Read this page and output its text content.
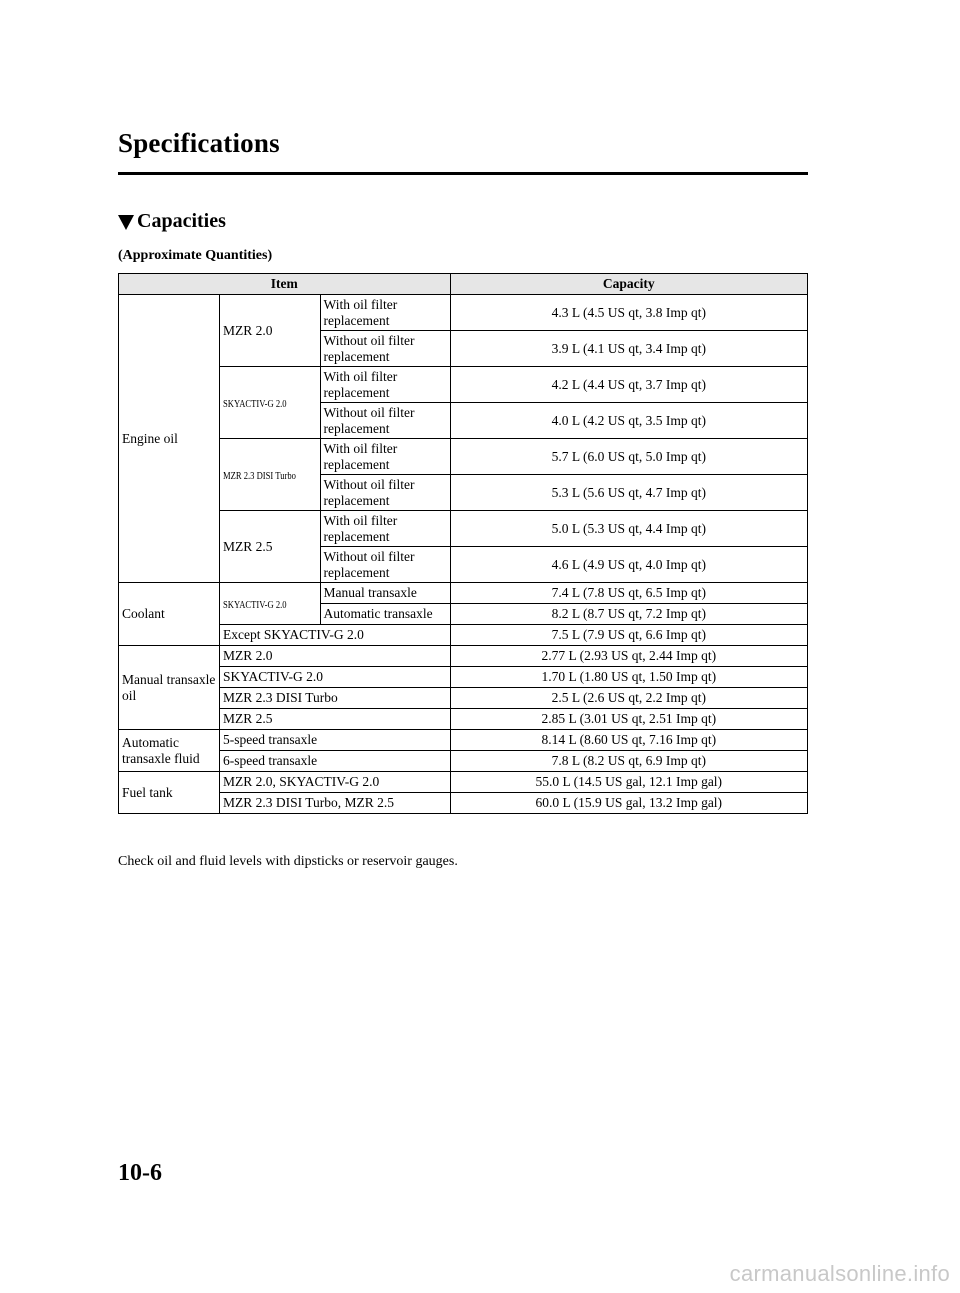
Specifications
Capacities
(Approximate Quantities)
Item			Capacity
Engine oil	MZR 2.0	With oil filter replacement	4.3 L (4.5 US qt, 3.8 Imp qt)
		Without oil filter replacement	3.9 L (4.1 US qt, 3.4 Imp qt)
	SKYACTIV-G 2.0	With oil filter replacement	4.2 L (4.4 US qt, 3.7 Imp qt)
		Without oil filter replacement	4.0 L (4.2 US qt, 3.5 Imp qt)
	MZR 2.3 DISI Turbo	With oil filter replacement	5.7 L (6.0 US qt, 5.0 Imp qt)
		Without oil filter replacement	5.3 L (5.6 US qt, 4.7 Imp qt)
	MZR 2.5	With oil filter replacement	5.0 L (5.3 US qt, 4.4 Imp qt)
		Without oil filter replacement	4.6 L (4.9 US qt, 4.0 Imp qt)
Coolant	SKYACTIV-G 2.0	Manual transaxle	7.4 L (7.8 US qt, 6.5 Imp qt)
		Automatic transaxle	8.2 L (8.7 US qt, 7.2 Imp qt)
	Except SKYACTIV-G 2.0		7.5 L (7.9 US qt, 6.6 Imp qt)
Manual transaxle oil	MZR 2.0		2.77 L (2.93 US qt, 2.44 Imp qt)
	SKYACTIV-G 2.0		1.70 L (1.80 US qt, 1.50 Imp qt)
	MZR 2.3 DISI Turbo		2.5 L (2.6 US qt, 2.2 Imp qt)
	MZR 2.5		2.85 L (3.01 US qt, 2.51 Imp qt)
Automatic transaxle fluid	5-speed transaxle		8.14 L (8.60 US qt, 7.16 Imp qt)
	6-speed transaxle		7.8 L (8.2 US qt, 6.9 Imp qt)
Fuel tank	MZR 2.0, SKYACTIV-G 2.0		55.0 L (14.5 US gal, 12.1 Imp gal)
	MZR 2.3 DISI Turbo, MZR 2.5		60.0 L (15.9 US gal, 13.2 Imp gal)
Check oil and fluid levels with dipsticks or reservoir gauges.
10-6
carmanualsonline.info
